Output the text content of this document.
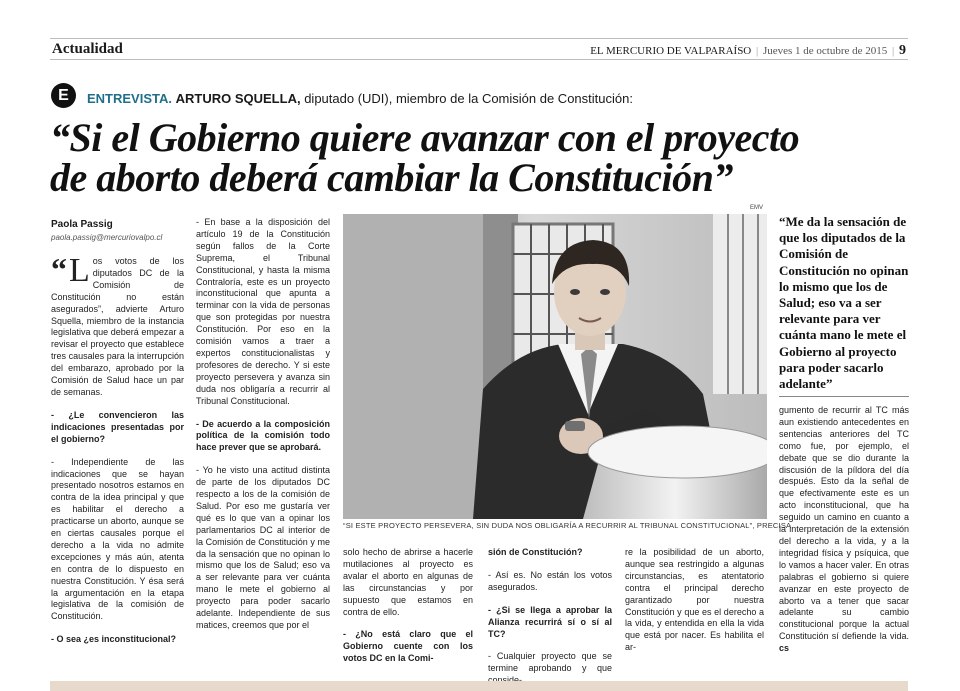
Actualidad	EL MERCURIO DE VALPARAÍSO | Jueves 1 de octubre de 2015 | 9
E	ENTREVISTA. ARTURO SQUELLA, diputado (UDI), miembro de la Comisión de Constitución:
“Si el Gobierno quiere avanzar con el proyecto
de aborto deberá cambiar la Constitución”
Paola Passig
paola.passig@mercuriovalpo.cl

“ L os votos de los diputados DC de la Comisión de Constitución no están asegurados”, advierte Arturo Squella, miembro de la instancia legislativa que deberá empezar a revisar el proyecto que establece tres causales para la interrupción del embarazo, aprobado por la Comisión de Salud hace un par de semanas.

- ¿Le convencieron las indicaciones presentadas por el gobierno?

- Independiente de las indicaciones que se hayan presentado nosotros estamos en contra de la idea principal y que es habilitar el derecho a practicarse un aborto, aunque se en ciertas causales porque el derecho a la vida no admite excepciones y más aún, atenta en contra de lo dispuesto en nuestra Constitución. Y ésa será la argumentación en la etapa legislativa de la comisión de Constitución.

- O sea ¿es inconstitucional?

- En base a la disposición del artículo 19 de la Constitución según fallos de la Corte Suprema, el Tribunal Constitucional, y hasta la misma Contraloría, este es un proyecto inconstitucional que apunta a terminar con la vida de personas que son protegidas por nuestra Constitución. Por eso en la comisión vamos a traer a expertos constitucionalistas y profesores de derecho. Y si este proyecto persevera y avanza sin duda nos obligaría a recurrir al Tribunal Constitucional.

- De acuerdo a la composición política de la comisión todo hace prever que se aprobará.

- Yo he visto una actitud distinta de parte de los diputados DC respecto a los de la comisión de Salud. Por eso me gustaría ver qué es lo que van a opinar los parlamentarios DC al interior de la Comisión de Constitución y me da la sensación que no opinan lo mismo que los de Salud; eso va a ser relevante para ver cuánta mano le mete el gobierno al proyecto para poder sacarlo adelante. Independiente de sus matices, creemos que por el

EMV
“SI ESTE PROYECTO PERSEVERA, SIN DUDA NOS OBLIGARÍA A RECURRIR AL TRIBUNAL CONSTITUCIONAL”, PRECISA.
“Me da la sensación de que los diputados de la Comisión de Constitución no opinan lo mismo que los de Salud; eso va a ser relevante para ver cuánta mano le mete el Gobierno al proyecto para poder sacarlo adelante”

solo hecho de abrirse a hacerle mutilaciones al proyecto es avalar el aborto en algunas de las circunstancias y por supuesto que estamos en contra de ello.

- ¿No está claro que el Gobierno cuente con los votos DC en la Comi-

sión de Constitución?

- Así es. No están los votos asegurados.

- ¿Si se llega a aprobar la Alianza recurrirá sí o sí al TC?

- Cualquier proyecto que se termine aprobando y que

re la posibilidad de un aborto, aunque sea restringido a algunas circunstancias, es atentatorio contra el principal derecho garantizado por nuestra Constitución y que es el derecho a la vida, y entendida en ella la vida que está por nacer. Es habilita el ar-

gumento de recurrir al TC más aun existiendo antecedentes en sentencias anteriores del TC como fue, por ejemplo, el debate que se dio durante la discusión de la píldora del día después. Esto da la señal de que efectivamente este es un acto inconstitucional, que ha seguido un camino en cuanto a la interpretación de la extensión del derecho a la vida, y a la integridad física y psíquica, que lo vamos a hacer valer. En otras palabras el gobierno si quiere avanzar en este proyecto de aborto va a tener que sacar adelante su cambio constitucional porque la actual Constitución sí defiende la vida. cs
